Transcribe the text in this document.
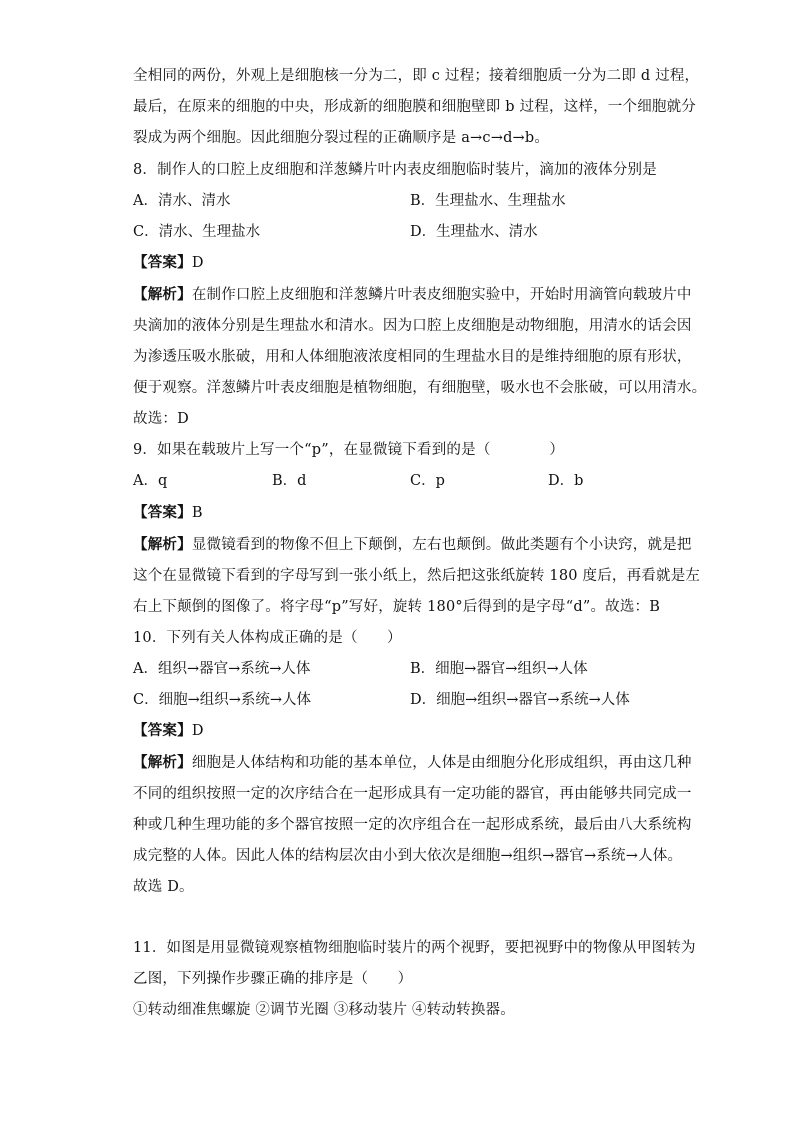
全相同的两份，外观上是细胞核一分为二，即 c 过程；接着细胞质一分为二即 d 过程，
最后，在原来的细胞的中央，形成新的细胞膜和细胞壁即 b 过程，这样，一个细胞就分
裂成为两个细胞。因此细胞分裂过程的正确顺序是 a→c→d→b。
8．制作人的口腔上皮细胞和洋葱鳞片叶内表皮细胞临时装片，滴加的液体分别是
A．清水、清水	B．生理盐水、生理盐水
C．清水、生理盐水	D．生理盐水、清水
【答案】D
【解析】在制作口腔上皮细胞和洋葱鳞片叶表皮细胞实验中，开始时用滴管向载玻片中
央滴加的液体分别是生理盐水和清水。因为口腔上皮细胞是动物细胞，用清水的话会因
为渗透压吸水胀破，用和人体细胞液浓度相同的生理盐水目的是维持细胞的原有形状，
便于观察。洋葱鳞片叶表皮细胞是植物细胞，有细胞壁，吸水也不会胀破，可以用清水。
故选：D
9．如果在载玻片上写一个“p”，在显微镜下看到的是（　　　　）
A．q	B．d	C．p	D．b
【答案】B
【解析】显微镜看到的物像不但上下颠倒，左右也颠倒。做此类题有个小诀窍，就是把
这个在显微镜下看到的字母写到一张小纸上，然后把这张纸旋转 180 度后，再看就是左
右上下颠倒的图像了。将字母“p”写好，旋转 180°后得到的是字母“d”。故选：B
10．下列有关人体构成正确的是（　　）
A．组织→器官→系统→人体	B．细胞→器官→组织→人体
C．细胞→组织→系统→人体	D．细胞→组织→器官→系统→人体
【答案】D
【解析】细胞是人体结构和功能的基本单位，人体是由细胞分化形成组织，再由这几种
不同的组织按照一定的次序结合在一起形成具有一定功能的器官，再由能够共同完成一
种或几种生理功能的多个器官按照一定的次序组合在一起形成系统，最后由八大系统构
成完整的人体。因此人体的结构层次由小到大依次是细胞→组织→器官→系统→人体。
故选 D。
11．如图是用显微镜观察植物细胞临时装片的两个视野，要把视野中的物像从甲图转为
乙图，下列操作步骤正确的排序是（　　）
①转动细准焦螺旋 ②调节光圈 ③移动装片 ④转动转换器。
